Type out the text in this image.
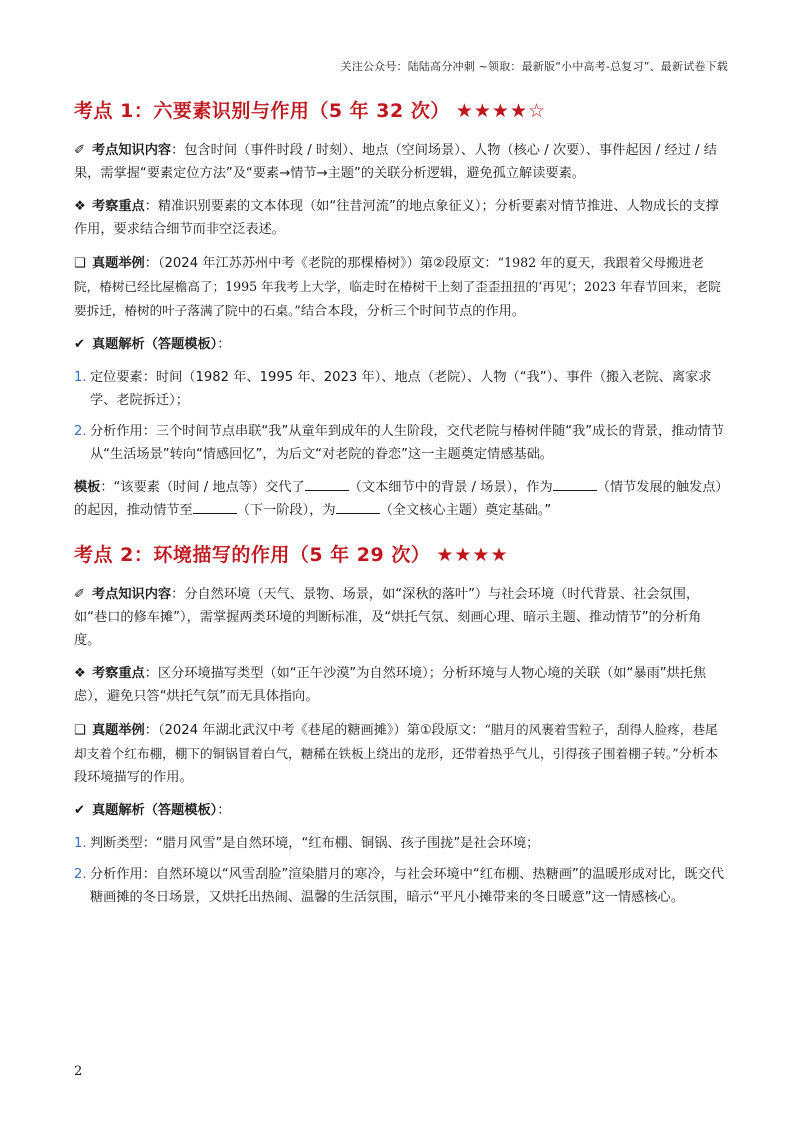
关注公众号：陆陆高分冲刺 ~领取：最新版“小中高考-总复习”、最新试卷下载
考点 1：六要素识别与作用（5 年 32 次） ★★★★☆

✐ 考点知识内容：包含时间（事件时段 / 时刻）、地点（空间场景）、人物（核心 / 次要）、事件起因 / 经过 / 结果，需掌握“要素定位方法”及“要素→情节→主题”的关联分析逻辑，避免孤立解读要素。

❖ 考察重点：精准识别要素的文本体现（如“往昔河流”的地点象征义）；分析要素对情节推进、人物成长的支撑作用，要求结合细节而非空泛表述。

❑ 真题举例：（2024 年江苏苏州中考《老院的那棵椿树》）第②段原文：“1982 年的夏天，我跟着父母搬进老院，椿树已经比屋檐高了；1995 年我考上大学，临走时在椿树干上刻了歪歪扭扭的‘再见’；2023 年春节回来，老院要拆迁，椿树的叶子落满了院中的石桌。”结合本段，分析三个时间节点的作用。

✔ 真题解析（答题模板）：

1. 定位要素：时间（1982 年、1995 年、2023 年）、地点（老院）、人物（“我”）、事件（搬入老院、离家求学、老院拆迁）；
2. 分析作用：三个时间节点串联“我”从童年到成年的人生阶段，交代老院与椿树伴随“我”成长的背景，推动情节从“生活场景”转向“情感回忆”，为后文“对老院的眷恋”这一主题奠定情感基础。

模板：“该要素（时间 / 地点等）交代了	（文本细节中的背景 / 场景），作为	（情节发展的触发点）的起因，推动情节至	（下一阶段），为	（全文核心主题）奠定基础。”

考点 2：环境描写的作用（5 年 29 次） ★★★★

✐ 考点知识内容：分自然环境（天气、景物、场景，如“深秋的落叶”）与社会环境（时代背景、社会氛围，如“巷口的修车摊”），需掌握两类环境的判断标准，及“烘托气氛、刻画心理、暗示主题、推动情节”的分析角度。

❖ 考察重点：区分环境描写类型（如“正午沙漠”为自然环境）；分析环境与人物心境的关联（如“暴雨”烘托焦虑），避免只答“烘托气氛”而无具体指向。

❑ 真题举例：（2024 年湖北武汉中考《巷尾的糖画摊》）第①段原文：“腊月的风裹着雪粒子，刮得人脸疼，巷尾却支着个红布棚，棚下的铜锅冒着白气，糖稀在铁板上绕出的龙形，还带着热乎气儿，引得孩子围着棚子转。”分析本段环境描写的作用。

✔ 真题解析（答题模板）：

1. 判断类型：“腊月风雪”是自然环境，“红布棚、铜锅、孩子围拢”是社会环境；
2. 分析作用：自然环境以“风雪刮脸”渲染腊月的寒冷，与社会环境中“红布棚、热糖画”的温暖形成对比，既交代糖画摊的冬日场景，又烘托出热闹、温馨的生活氛围，暗示“平凡小摊带来的冬日暖意”这一情感核心。
2
